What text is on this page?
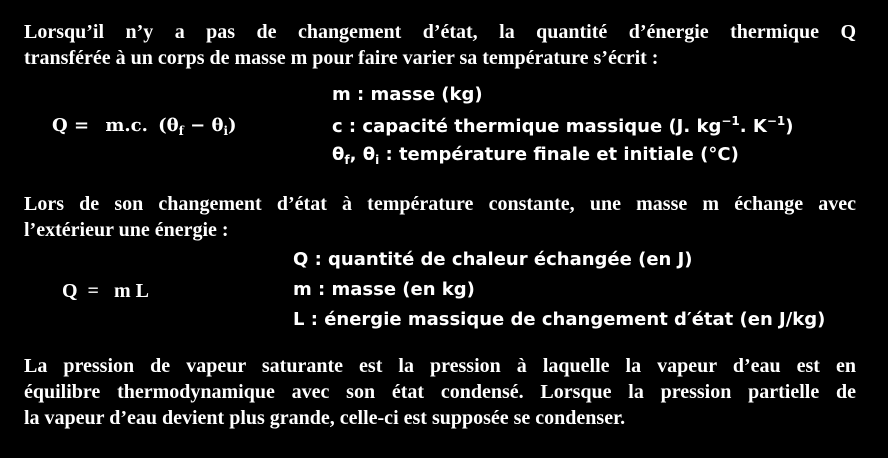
Lorsqu’il n’y a pas de changement d’état, la quantité d’énergie thermique Q
transférée à un corps de masse m pour faire varier sa température s’écrit :
Q = m.c. $(\theta_f - \theta_i)$
m : masse (kg)
c : capacité thermique massique (J. $kg^{-1}$. $K^{-1}$)
$\theta_f$, $\theta_i$ : température finale et initiale (°C)
Lors de son changement d’état à température constante, une masse m échange avec
l’extérieur une énergie :
Q  =   m L
Q : quantité de chaleur échangée (en J)
m : masse (en kg)
L : énergie massique de changement d′état (en J/kg)
La pression de vapeur saturante est la pression à laquelle la vapeur d’eau est en
équilibre thermodynamique avec son état condensé. Lorsque la pression partielle de
la vapeur d’eau devient plus grande, celle-ci est supposée se condenser.
